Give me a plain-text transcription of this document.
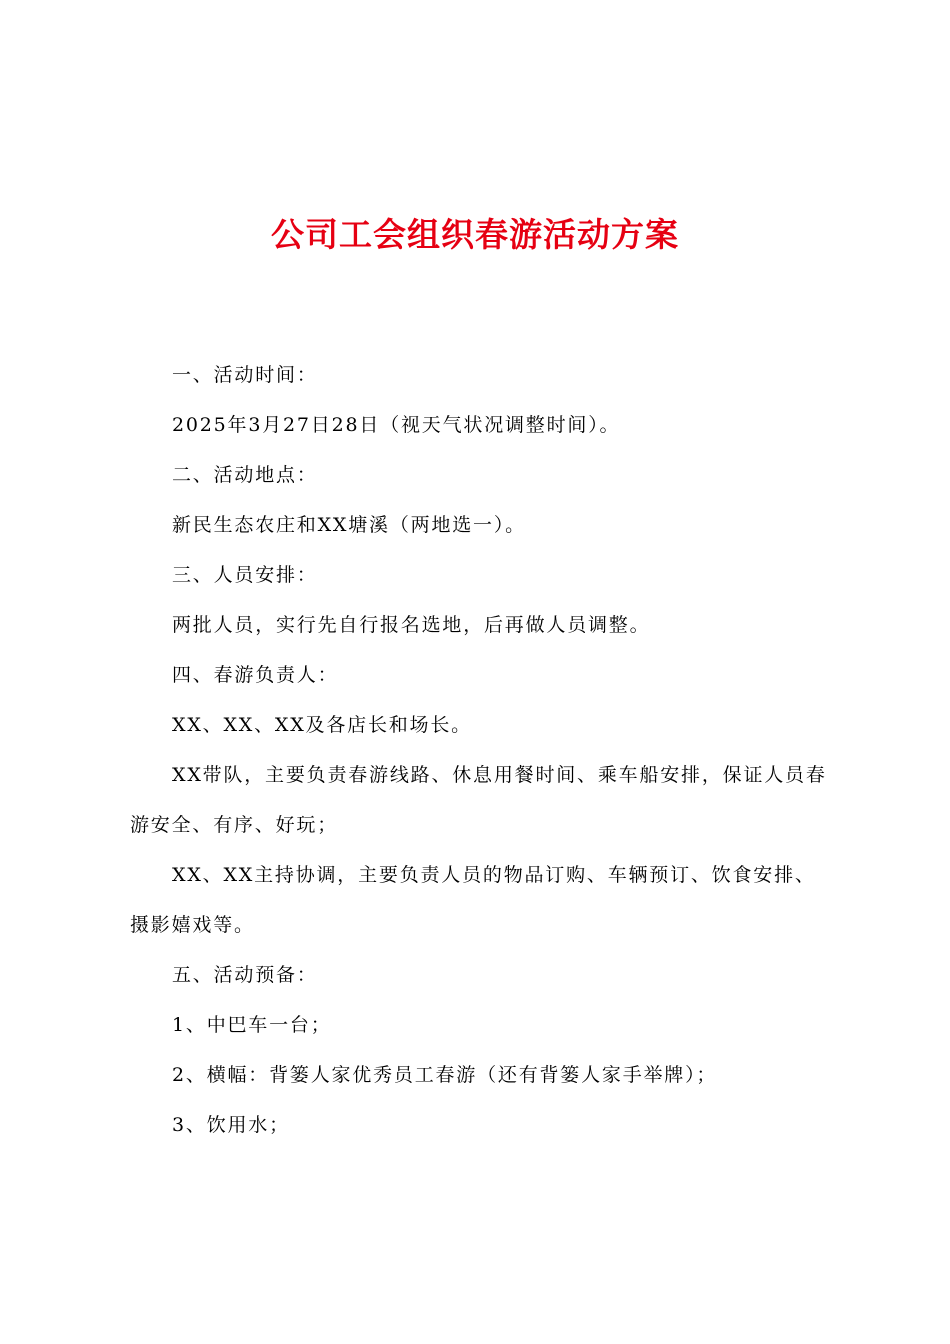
公司工会组织春游活动方案

一、活动时间：

2025年3月27日28日（视天气状况调整时间）。

二、活动地点：

新民生态农庄和XX塘溪（两地选一）。

三、人员安排：

两批人员，实行先自行报名选地，后再做人员调整。

四、春游负责人：

XX、XX、XX及各店长和场长。

XX带队，主要负责春游线路、休息用餐时间、乘车船安排，保证人员春游安全、有序、好玩；

XX、XX主持协调，主要负责人员的物品订购、车辆预订、饮食安排、摄影嬉戏等。

五、活动预备：

1、中巴车一台；

2、横幅：背篓人家优秀员工春游（还有背篓人家手举牌）；

3、饮用水；
